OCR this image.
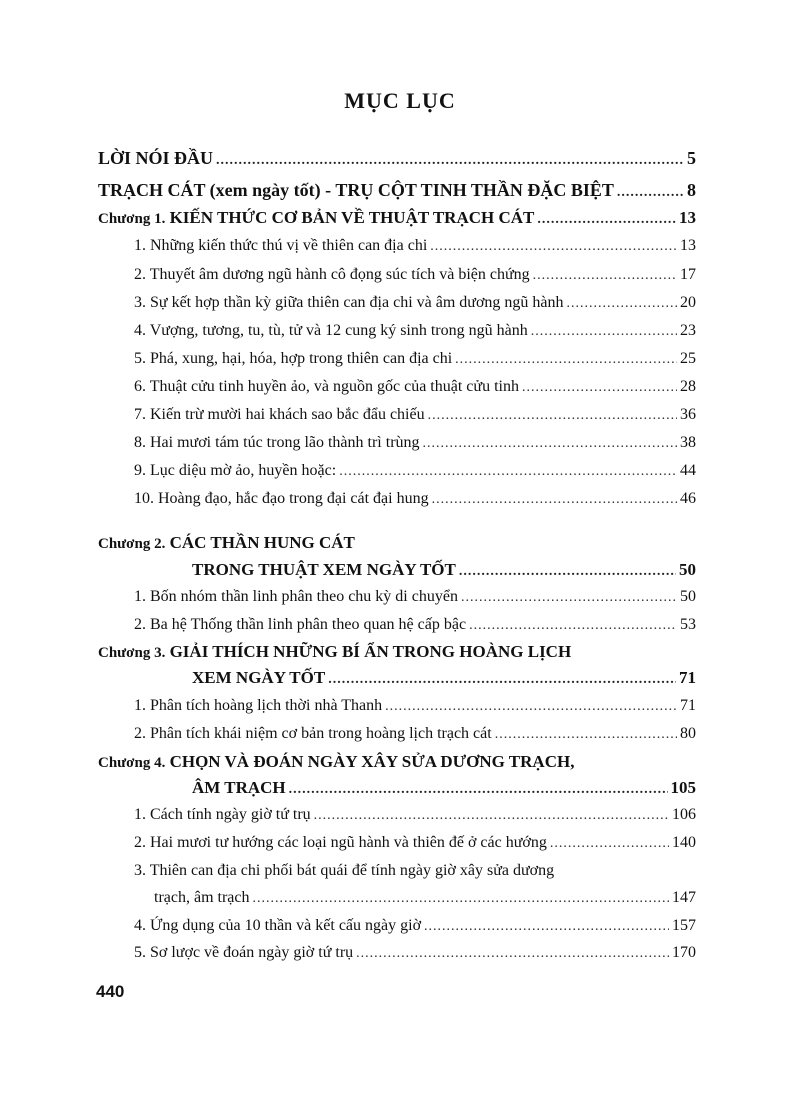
MỤC LỤC
LỜI NÓI ĐẦU .....	5
TRẠCH CÁT (xem ngày tốt) - TRỤ CỘT TINH THẦN ĐẶC BIỆT .....	8
Chương 1. KIẾN THỨC CƠ BẢN VỀ THUẬT TRẠCH CÁT .....	13
1. Những kiến thức thú vị về thiên can địa chi .....	13
2. Thuyết âm dương ngũ hành cô đọng súc tích và biện chứng .....	17
3. Sự kết hợp thần kỳ giữa thiên can địa chi và âm dương ngũ hành .....	20
4. Vượng, tương, tu, tù, tử và 12 cung ký sinh trong ngũ hành .....	23
5. Phá, xung, hại, hóa, hợp trong thiên can địa chi .....	25
6. Thuật cửu tinh huyền ảo, và nguồn gốc của thuật cửu tinh .....	28
7. Kiến trừ mười hai khách sao bắc đẩu chiếu .....	36
8. Hai mươi tám túc trong lão thành trì trùng .....	38
9. Lục diệu mờ ảo, huyền hoặc: .....	44
10. Hoàng đạo, hắc đạo trong đại cát đại hung .....	46
Chương 2. CÁC THẦN HUNG CÁT
TRONG THUẬT XEM NGÀY TỐT .....	50
1. Bốn nhóm thần linh phân theo chu kỳ di chuyển .....	50
2. Ba hệ Thống thần linh phân theo quan hệ cấp bậc .....	53
Chương 3. GIẢI THÍCH NHỮNG BÍ ẨN TRONG HOÀNG LỊCH
XEM NGÀY TỐT .....	71
1. Phân tích hoàng lịch thời nhà Thanh .....	71
2. Phân tích khái niệm cơ bản trong hoàng lịch trạch cát .....	80
Chương 4. CHỌN VÀ ĐOÁN NGÀY XÂY SỬA DƯƠNG TRẠCH,
ÂM TRẠCH .....	105
1. Cách tính ngày giờ tứ trụ .....	106
2. Hai mươi tư hướng các loại ngũ hành và thiên đế ở các hướng .....	140
3. Thiên can địa chi phối bát quái để tính ngày giờ xây sửa dương
trạch, âm trạch .....	147
4. Ứng dụng của 10 thần và kết cấu ngày giờ .....	157
5. Sơ lược về đoán ngày giờ tứ trụ .....	170
440
